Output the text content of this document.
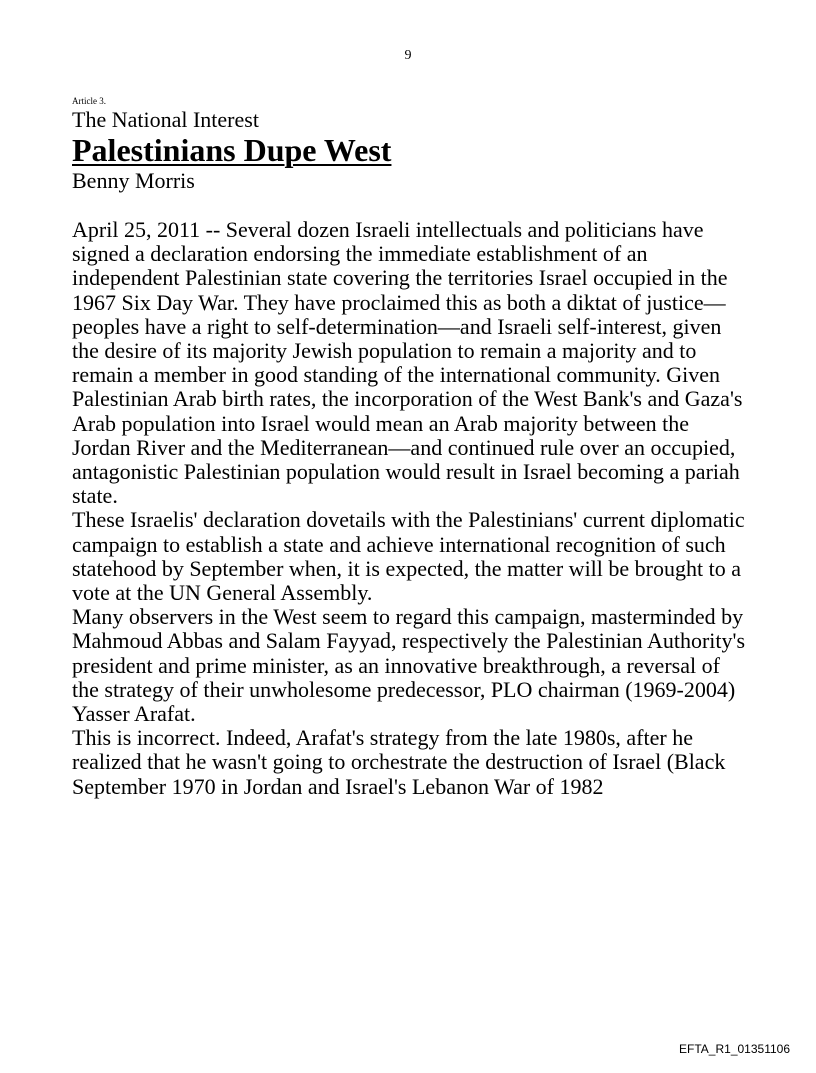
9

Article 3.

The National Interest

Palestinians Dupe West

Benny Morris

April 25, 2011 -- Several dozen Israeli intellectuals and politicians have signed a declaration endorsing the immediate establishment of an independent Palestinian state covering the territories Israel occupied in the 1967 Six Day War. They have proclaimed this as both a diktat of justice—peoples have a right to self-determination—and Israeli self-interest, given the desire of its majority Jewish population to remain a majority and to remain a member in good standing of the international community. Given Palestinian Arab birth rates, the incorporation of the West Bank's and Gaza's Arab population into Israel would mean an Arab majority between the Jordan River and the Mediterranean—and continued rule over an occupied, antagonistic Palestinian population would result in Israel becoming a pariah state.

These Israelis' declaration dovetails with the Palestinians' current diplomatic campaign to establish a state and achieve international recognition of such statehood by September when, it is expected, the matter will be brought to a vote at the UN General Assembly.

Many observers in the West seem to regard this campaign, masterminded by Mahmoud Abbas and Salam Fayyad, respectively the Palestinian Authority's president and prime minister, as an innovative breakthrough, a reversal of the strategy of their unwholesome predecessor, PLO chairman (1969-2004) Yasser Arafat.

This is incorrect. Indeed, Arafat's strategy from the late 1980s, after he realized that he wasn't going to orchestrate the destruction of Israel (Black September 1970 in Jordan and Israel's Lebanon War of 1982

EFTA_R1_01351106
